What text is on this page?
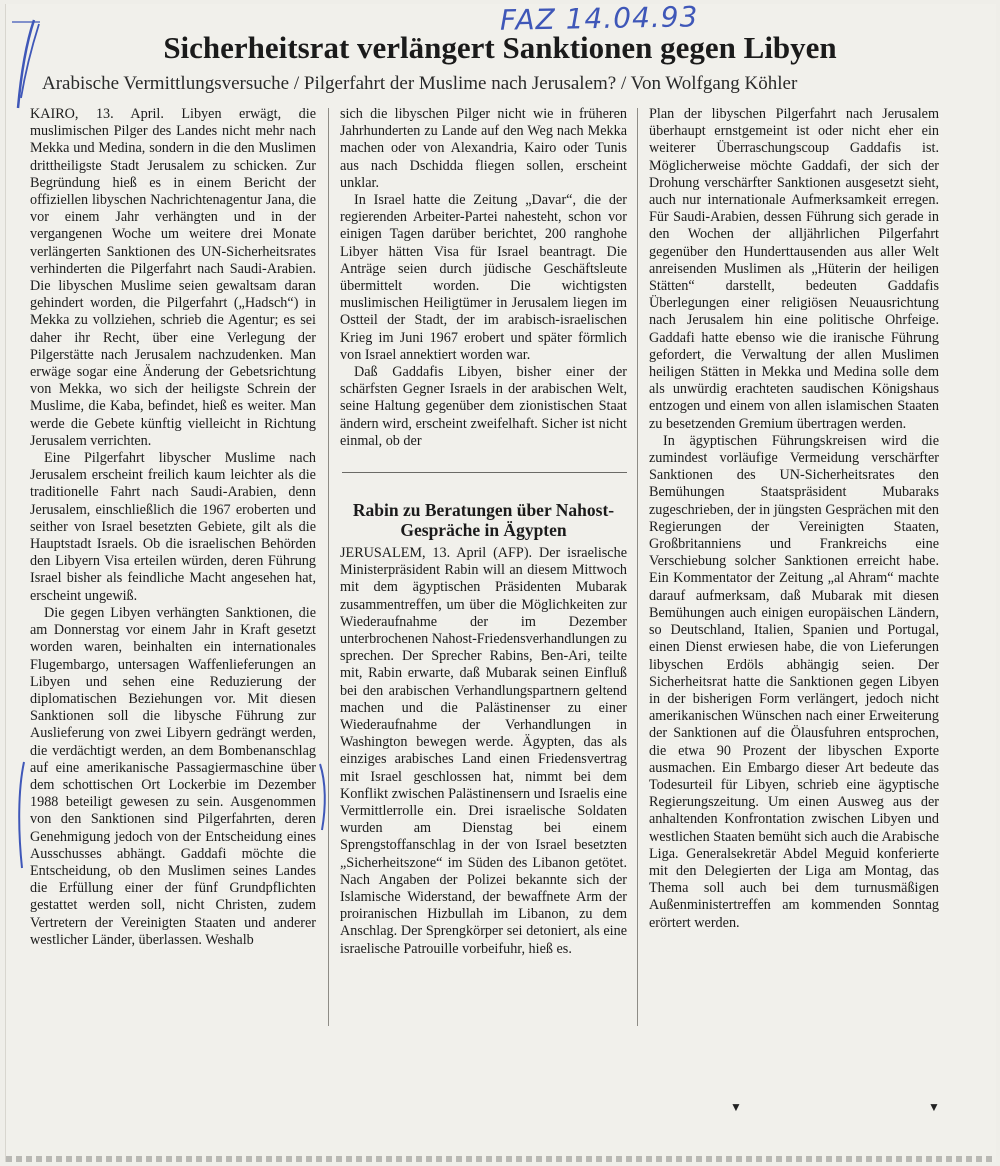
FAZ 14.04.93
Sicherheitsrat verlängert Sanktionen gegen Libyen

Arabische Vermittlungsversuche / Pilgerfahrt der Muslime nach Jerusalem? / Von Wolfgang Köhler

KAIRO, 13. April. Libyen erwägt, die muslimischen Pilger des Landes nicht mehr nach Mekka und Medina, sondern in die den Muslimen drittheiligste Stadt Jerusalem zu schicken. Zur Begründung hieß es in einem Bericht der offiziellen libyschen Nachrichtenagentur Jana, die vor einem Jahr verhängten und in der vergangenen Woche um weitere drei Monate verlängerten Sanktionen des UN-Sicherheitsrates verhinderten die Pilgerfahrt nach Saudi-Arabien. Die libyschen Muslime seien gewaltsam daran gehindert worden, die Pilgerfahrt („Hadsch“) in Mekka zu vollziehen, schrieb die Agentur; es sei daher ihr Recht, über eine Verlegung der Pilgerstätte nach Jerusalem nachzudenken. Man erwäge sogar eine Änderung der Gebetsrichtung von Mekka, wo sich der heiligste Schrein der Muslime, die Kaba, befindet, hieß es weiter. Man werde die Gebete künftig vielleicht in Richtung Jerusalem verrichten.

Eine Pilgerfahrt libyscher Muslime nach Jerusalem erscheint freilich kaum leichter als die traditionelle Fahrt nach Saudi-Arabien, denn Jerusalem, einschließlich die 1967 eroberten und seither von Israel besetzten Gebiete, gilt als die Hauptstadt Israels. Ob die israelischen Behörden den Libyern Visa erteilen würden, deren Führung Israel bisher als feindliche Macht angesehen hat, erscheint ungewiß.

Die gegen Libyen verhängten Sanktionen, die am Donnerstag vor einem Jahr in Kraft gesetzt worden waren, beinhalten ein internationales Flugembargo, untersagen Waffenlieferungen an Libyen und sehen eine Reduzierung der diplomatischen Beziehungen vor. Mit diesen Sanktionen soll die libysche Führung zur Auslieferung von zwei Libyern gedrängt werden, die verdächtigt werden, an dem Bombenanschlag auf eine amerikanische Passagiermaschine über dem schottischen Ort Lockerbie im Dezember 1988 beteiligt gewesen zu sein. Ausgenommen von den Sanktionen sind Pilgerfahrten, deren Genehmigung jedoch von der Entscheidung eines Ausschusses abhängt. Gaddafi möchte die Entscheidung, ob den Muslimen seines Landes die Erfüllung einer der fünf Grundpflichten gestattet werden soll, nicht Christen, zudem Vertretern der Vereinigten Staaten und anderer westlicher Länder, überlassen. Weshalb

sich die libyschen Pilger nicht wie in früheren Jahrhunderten zu Lande auf den Weg nach Mekka machen oder von Alexandria, Kairo oder Tunis aus nach Dschidda fliegen sollen, erscheint unklar.

In Israel hatte die Zeitung „Davar“, die der regierenden Arbeiter-Partei nahesteht, schon vor einigen Tagen darüber berichtet, 200 ranghohe Libyer hätten Visa für Israel beantragt. Die Anträge seien durch jüdische Geschäftsleute übermittelt worden. Die wichtigsten muslimischen Heiligtümer in Jerusalem liegen im Ostteil der Stadt, der im arabisch-israelischen Krieg im Juni 1967 erobert und später förmlich von Israel annektiert worden war.

Daß Gaddafis Libyen, bisher einer der schärfsten Gegner Israels in der arabischen Welt, seine Haltung gegenüber dem zionistischen Staat ändern wird, erscheint zweifelhaft. Sicher ist nicht einmal, ob der

Rabin zu Beratungen über Nahost-Gespräche in Ägypten

JERUSALEM, 13. April (AFP). Der israelische Ministerpräsident Rabin will an diesem Mittwoch mit dem ägyptischen Präsidenten Mubarak zusammentreffen, um über die Möglichkeiten zur Wiederaufnahme der im Dezember unterbrochenen Nahost-Friedensverhandlungen zu sprechen. Der Sprecher Rabins, Ben-Ari, teilte mit, Rabin erwarte, daß Mubarak seinen Einfluß bei den arabischen Verhandlungspartnern geltend machen und die Palästinenser zu einer Wiederaufnahme der Verhandlungen in Washington bewegen werde. Ägypten, das als einziges arabisches Land einen Friedensvertrag mit Israel geschlossen hat, nimmt bei dem Konflikt zwischen Palästinensern und Israelis eine Vermittlerrolle ein. Drei israelische Soldaten wurden am Dienstag bei einem Sprengstoffanschlag in der von Israel besetzten „Sicherheitszone“ im Süden des Libanon getötet. Nach Angaben der Polizei bekannte sich der Islamische Widerstand, der bewaffnete Arm der proiranischen Hizbullah im Libanon, zu dem Anschlag. Der Sprengkörper sei detoniert, als eine israelische Patrouille vorbeifuhr, hieß es.

Plan der libyschen Pilgerfahrt nach Jerusalem überhaupt ernstgemeint ist oder nicht eher ein weiterer Überraschungscoup Gaddafis ist. Möglicherweise möchte Gaddafi, der sich der Drohung verschärfter Sanktionen ausgesetzt sieht, auch nur internationale Aufmerksamkeit erregen. Für Saudi-Arabien, dessen Führung sich gerade in den Wochen der alljährlichen Pilgerfahrt gegenüber den Hunderttausenden aus aller Welt anreisenden Muslimen als „Hüterin der heiligen Stätten“ darstellt, bedeuten Gaddafis Überlegungen einer religiösen Neuausrichtung nach Jerusalem hin eine politische Ohrfeige. Gaddafi hatte ebenso wie die iranische Führung gefordert, die Verwaltung der allen Muslimen heiligen Stätten in Mekka und Medina solle dem als unwürdig erachteten saudischen Königshaus entzogen und einem von allen islamischen Staaten zu besetzenden Gremium übertragen werden.

In ägyptischen Führungskreisen wird die zumindest vorläufige Vermeidung verschärfter Sanktionen des UN-Sicherheitsrates den Bemühungen Staatspräsident Mubaraks zugeschrieben, der in jüngsten Gesprächen mit den Regierungen der Vereinigten Staaten, Großbritanniens und Frankreichs eine Verschiebung solcher Sanktionen erreicht habe. Ein Kommentator der Zeitung „al Ahram“ machte darauf aufmerksam, daß Mubarak mit diesen Bemühungen auch einigen europäischen Ländern, so Deutschland, Italien, Spanien und Portugal, einen Dienst erwiesen habe, die von Lieferungen libyschen Erdöls abhängig seien. Der Sicherheitsrat hatte die Sanktionen gegen Libyen in der bisherigen Form verlängert, jedoch nicht amerikanischen Wünschen nach einer Erweiterung der Sanktionen auf die Ölausfuhren entsprochen, die etwa 90 Prozent der libyschen Exporte ausmachen. Ein Embargo dieser Art bedeute das Todesurteil für Libyen, schrieb eine ägyptische Regierungszeitung. Um einen Ausweg aus der anhaltenden Konfrontation zwischen Libyen und westlichen Staaten bemüht sich auch die Arabische Liga. Generalsekretär Abdel Meguid konferierte mit den Delegierten der Liga am Montag, das Thema soll auch bei dem turnusmäßigen Außenministertreffen am kommenden Sonntag erörtert werden.

▼	▼
